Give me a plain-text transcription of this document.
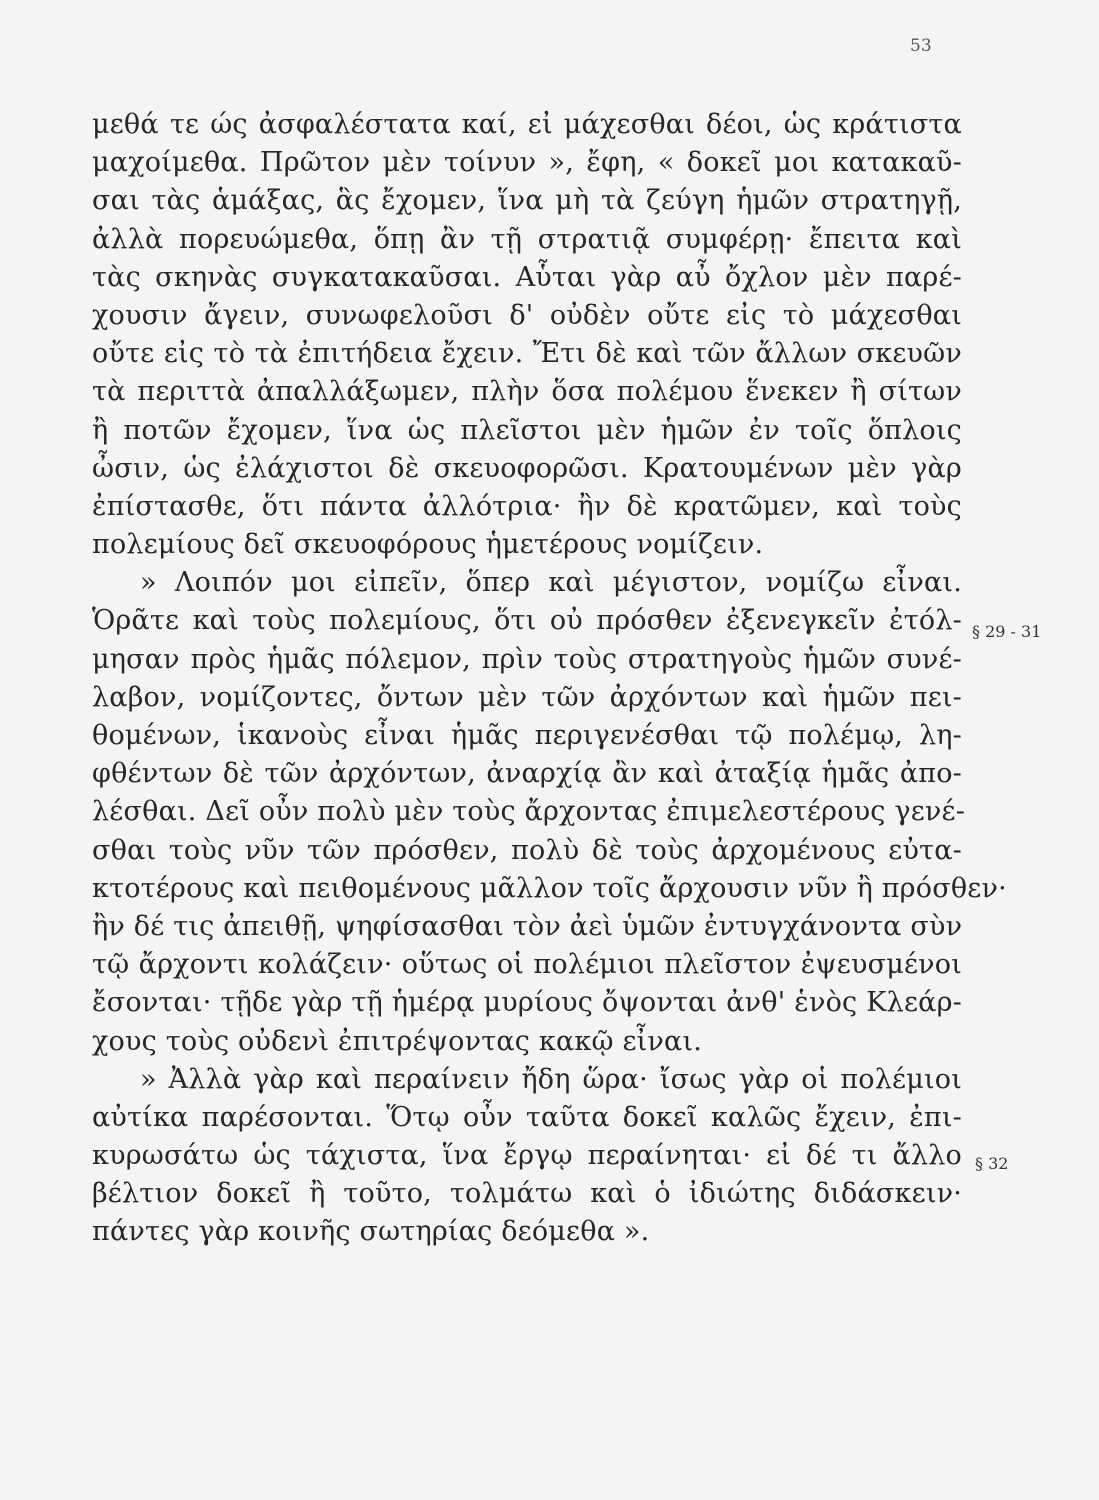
53
μεθά τε ώς ἀσφαλέστατα καί, εἰ μάχεσθαι δέοι, ὡς κράτιστα
μαχοίμεθα. Πρῶτον μὲν τοίνυν », ἔφη, « δοκεῖ μοι κατακαῦ-
σαι τὰς ἁμάξας, ἃς ἔχομεν, ἵνα μὴ τὰ ζεύγη ἡμῶν στρατηγῇ,
ἀλλὰ πορευώμεθα, ὅπῃ ἂν τῇ στρατιᾷ συμφέρῃ· ἔπειτα καὶ
τὰς σκηνὰς συγκατακαῦσαι. Αὗται γὰρ αὖ ὄχλον μὲν παρέ-
χουσιν ἄγειν, συνωφελοῦσι δ' οὐδὲν οὔτε εἰς τὸ μάχεσθαι
οὔτε εἰς τὸ τὰ ἐπιτήδεια ἔχειν. Ἔτι δὲ καὶ τῶν ἄλλων σκευῶν
τὰ περιττὰ ἀπαλλάξωμεν, πλὴν ὅσα πολέμου ἕνεκεν ἢ σίτων
ἢ ποτῶν ἔχομεν, ἵνα ὡς πλεῖστοι μὲν ἡμῶν ἐν τοῖς ὅπλοις
ὦσιν, ὡς ἐλάχιστοι δὲ σκευοφορῶσι. Κρατουμένων μὲν γὰρ
ἐπίστασθε, ὅτι πάντα ἀλλότρια· ἢν δὲ κρατῶμεν, καὶ τοὺς
πολεμίους δεῖ σκευοφόρους ἡμετέρους νομίζειν.
» Λοιπόν μοι εἰπεῖν, ὅπερ καὶ μέγιστον, νομίζω εἶναι.
Ὁρᾶτε καὶ τοὺς πολεμίους, ὅτι οὐ πρόσθεν ἐξενεγκεῖν ἐτόλ-
μησαν πρὸς ἡμᾶς πόλεμον, πρὶν τοὺς στρατηγοὺς ἡμῶν συνέ-
λαβον, νομίζοντες, ὄντων μὲν τῶν ἀρχόντων καὶ ἡμῶν πει-
θομένων, ἱκανοὺς εἶναι ἡμᾶς περιγενέσθαι τῷ πολέμῳ, λη-
φθέντων δὲ τῶν ἀρχόντων, ἀναρχίᾳ ἂν καὶ ἀταξίᾳ ἡμᾶς ἀπο-
λέσθαι. Δεῖ οὖν πολὺ μὲν τοὺς ἄρχοντας ἐπιμελεστέρους γενέ-
σθαι τοὺς νῦν τῶν πρόσθεν, πολὺ δὲ τοὺς ἀρχομένους εὐτα-
κτοτέρους καὶ πειθομένους μᾶλλον τοῖς ἄρχουσιν νῦν ἢ πρόσθεν·
ἢν δέ τις ἀπειθῇ, ψηφίσασθαι τὸν ἀεὶ ὑμῶν ἐντυγχάνοντα σὺν
τῷ ἄρχοντι κολάζειν· οὕτως οἱ πολέμιοι πλεῖστον ἐψευσμένοι
ἔσονται· τῇδε γὰρ τῇ ἡμέρᾳ μυρίους ὄψονται ἀνθ' ἑνὸς Κλεάρ-
χους τοὺς οὐδενὶ ἐπιτρέψοντας κακῷ εἶναι.
» Ἀλλὰ γὰρ καὶ περαίνειν ἤδη ὥρα· ἴσως γὰρ οἱ πολέμιοι
αὐτίκα παρέσονται. Ὅτῳ οὖν ταῦτα δοκεῖ καλῶς ἔχειν, ἐπι-
κυρωσάτω ὡς τάχιστα, ἵνα ἔργῳ περαίνηται· εἰ δέ τι ἄλλο
βέλτιον δοκεῖ ἢ τοῦτο, τολμάτω καὶ ὁ ἰδιώτης διδάσκειν·
πάντες γὰρ κοινῆς σωτηρίας δεόμεθα ».
§ 29 - 31
§ 32
